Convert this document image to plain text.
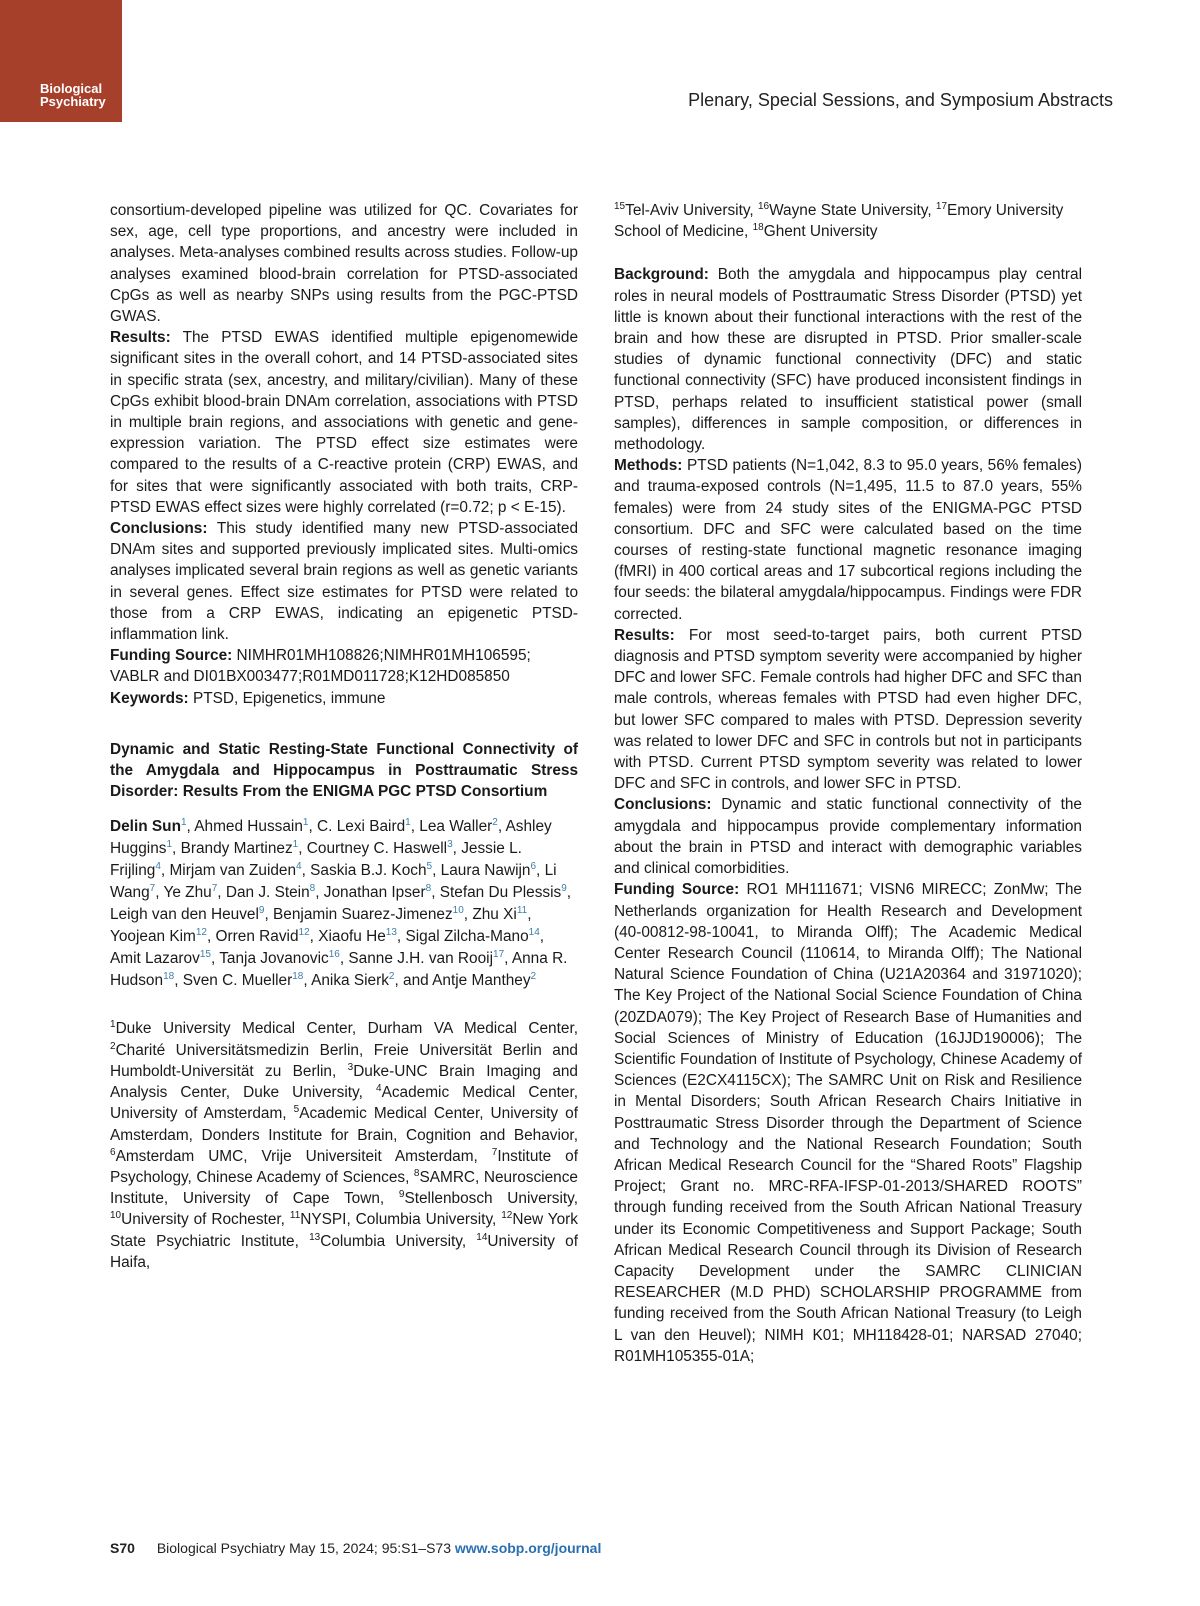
Biological
Psychiatry	Plenary, Special Sessions, and Symposium Abstracts

consortium-developed pipeline was utilized for QC. Covariates for sex, age, cell type proportions, and ancestry were included in analyses. Meta-analyses combined results across studies. Follow-up analyses examined blood-brain correlation for PTSD-associated CpGs as well as nearby SNPs using results from the PGC-PTSD GWAS.

Results: The PTSD EWAS identified multiple epigenomewide significant sites in the overall cohort, and 14 PTSD-associated sites in specific strata (sex, ancestry, and military/civilian). Many of these CpGs exhibit blood-brain DNAm correlation, associations with PTSD in multiple brain regions, and associations with genetic and gene-expression variation. The PTSD effect size estimates were compared to the results of a C-reactive protein (CRP) EWAS, and for sites that were significantly associated with both traits, CRP-PTSD EWAS effect sizes were highly correlated (r=0.72; p < E-15).

Conclusions: This study identified many new PTSD-associated DNAm sites and supported previously implicated sites. Multi-omics analyses implicated several brain regions as well as genetic variants in several genes. Effect size estimates for PTSD were related to those from a CRP EWAS, indicating an epigenetic PTSD-inflammation link.

Funding Source: NIMHR01MH108826;NIMHR01MH106595; VABLR and DI01BX003477;R01MD011728;K12HD085850

Keywords: PTSD, Epigenetics, immune

Dynamic and Static Resting-State Functional Connectivity of the Amygdala and Hippocampus in Posttraumatic Stress Disorder: Results From the ENIGMA PGC PTSD Consortium

Delin Sun$^1$, Ahmed Hussain$^1$, C. Lexi Baird$^1$, Lea Waller$^2$, Ashley Huggins$^1$, Brandy Martinez$^1$, Courtney C. Haswell$^3$, Jessie L. Frijling$^4$, Mirjam van Zuiden$^4$, Saskia B.J. Koch$^5$, Laura Nawijn$^6$, Li Wang$^7$, Ye Zhu$^7$, Dan J. Stein$^8$, Jonathan Ipser$^8$, Stefan Du Plessis$^9$, Leigh van den Heuvel$^9$, Benjamin Suarez-Jimenez$^{10}$, Zhu Xi$^{11}$, Yoojean Kim$^{12}$, Orren Ravid$^{12}$, Xiaofu He$^{13}$, Sigal Zilcha-Mano$^{14}$, Amit Lazarov$^{15}$, Tanja Jovanovic$^{16}$, Sanne J.H. van Rooij$^{17}$, Anna R. Hudson$^{18}$, Sven C. Mueller$^{18}$, Anika Sierk$^2$, and Antje Manthey$^2$

$^1$Duke University Medical Center, Durham VA Medical Center, $^2$Charité Universitätsmedizin Berlin, Freie Universität Berlin and Humboldt-Universität zu Berlin, $^3$Duke-UNC Brain Imaging and Analysis Center, Duke University, $^4$Academic Medical Center, University of Amsterdam, $^5$Academic Medical Center, University of Amsterdam, Donders Institute for Brain, Cognition and Behavior, $^6$Amsterdam UMC, Vrije Universiteit Amsterdam, $^7$Institute of Psychology, Chinese Academy of Sciences, $^8$SAMRC, Neuroscience Institute, University of Cape Town, $^9$Stellenbosch University, $^{10}$University of Rochester, $^{11}$NYSPI, Columbia University, $^{12}$New York State Psychiatric Institute, $^{13}$Columbia University, $^{14}$University of Haifa,

$^{15}$Tel-Aviv University, $^{16}$Wayne State University, $^{17}$Emory University School of Medicine, $^{18}$Ghent University

Background: Both the amygdala and hippocampus play central roles in neural models of Posttraumatic Stress Disorder (PTSD) yet little is known about their functional interactions with the rest of the brain and how these are disrupted in PTSD. Prior smaller-scale studies of dynamic functional connectivity (DFC) and static functional connectivity (SFC) have produced inconsistent findings in PTSD, perhaps related to insufficient statistical power (small samples), differences in sample composition, or differences in methodology.

Methods: PTSD patients (N=1,042, 8.3 to 95.0 years, 56% females) and trauma-exposed controls (N=1,495, 11.5 to 87.0 years, 55% females) were from 24 study sites of the ENIGMA-PGC PTSD consortium. DFC and SFC were calculated based on the time courses of resting-state functional magnetic resonance imaging (fMRI) in 400 cortical areas and 17 subcortical regions including the four seeds: the bilateral amygdala/hippocampus. Findings were FDR corrected.

Results: For most seed-to-target pairs, both current PTSD diagnosis and PTSD symptom severity were accompanied by higher DFC and lower SFC. Female controls had higher DFC and SFC than male controls, whereas females with PTSD had even higher DFC, but lower SFC compared to males with PTSD. Depression severity was related to lower DFC and SFC in controls but not in participants with PTSD. Current PTSD symptom severity was related to lower DFC and SFC in controls, and lower SFC in PTSD.

Conclusions: Dynamic and static functional connectivity of the amygdala and hippocampus provide complementary information about the brain in PTSD and interact with demographic variables and clinical comorbidities.

Funding Source: RO1 MH111671; VISN6 MIRECC; ZonMw; The Netherlands organization for Health Research and Development (40-00812-98-10041, to Miranda Olff); The Academic Medical Center Research Council (110614, to Miranda Olff); The National Natural Science Foundation of China (U21A20364 and 31971020); The Key Project of the National Social Science Foundation of China (20ZDA079); The Key Project of Research Base of Humanities and Social Sciences of Ministry of Education (16JJD190006); The Scientific Foundation of Institute of Psychology, Chinese Academy of Sciences (E2CX4115CX); The SAMRC Unit on Risk and Resilience in Mental Disorders; South African Research Chairs Initiative in Posttraumatic Stress Disorder through the Department of Science and Technology and the National Research Foundation; South African Medical Research Council for the “Shared Roots” Flagship Project; Grant no. MRC-RFA-IFSP-01-2013/SHARED ROOTS” through funding received from the South African National Treasury under its Economic Competitiveness and Support Package; South African Medical Research Council through its Division of Research Capacity Development under the SAMRC CLINICIAN RESEARCHER (M.D PHD) SCHOLARSHIP PROGRAMME from funding received from the South African National Treasury (to Leigh L van den Heuvel); NIMH K01; MH118428-01; NARSAD 27040; R01MH105355-01A;

S70 Biological Psychiatry May 15, 2024; 95:S1–S73 www.sobp.org/journal
